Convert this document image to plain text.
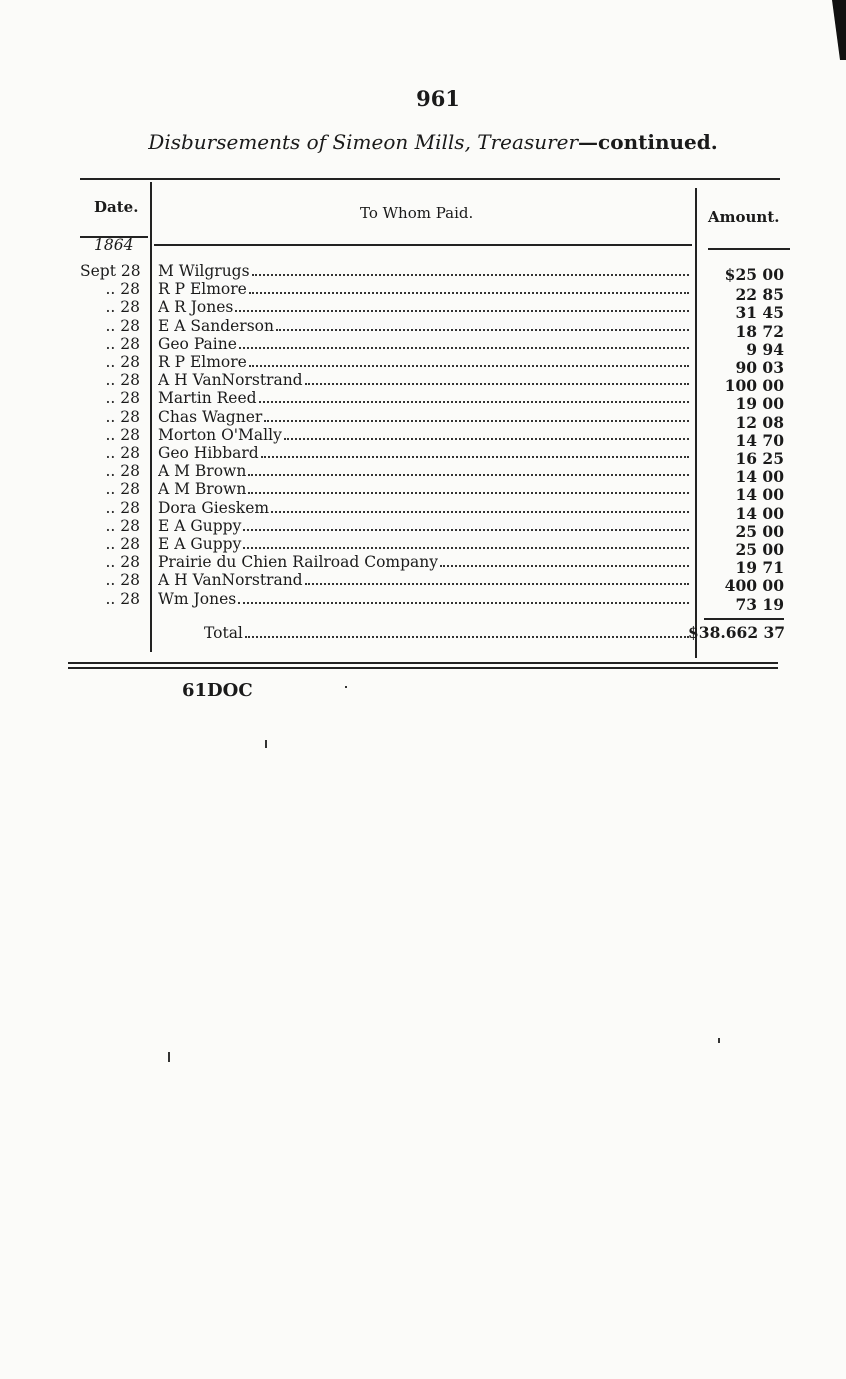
961
Disbursements of Simeon Mills, Treasurer—continued.
Date.	To Whom Paid.	Amount.
1864
Sept 28 M Wilgrugs	$25 00
.. 28 R P Elmore	22 85
.. 28 A R Jones	31 45
.. 28 E A Sanderson	18 72
.. 28 Geo Paine	9 94
.. 28 R P Elmore	90 03
.. 28 A H VanNorstrand	100 00
.. 28 Martin Reed	19 00
.. 28 Chas Wagner	12 08
.. 28 Morton O'Mally	14 70
.. 28 Geo Hibbard	16 25
.. 28 A M Brown	14 00
.. 28 A M Brown	14 00
.. 28 Dora Gieskem	14 00
.. 28 E A Guppy	25 00
.. 28 E A Guppy	25 00
.. 28 Prairie du Chien Railroad Company	19 71
.. 28 A H VanNorstrand	400 00
.. 28 Wm Jones	73 19
Total	$38.662 37
61DOC
